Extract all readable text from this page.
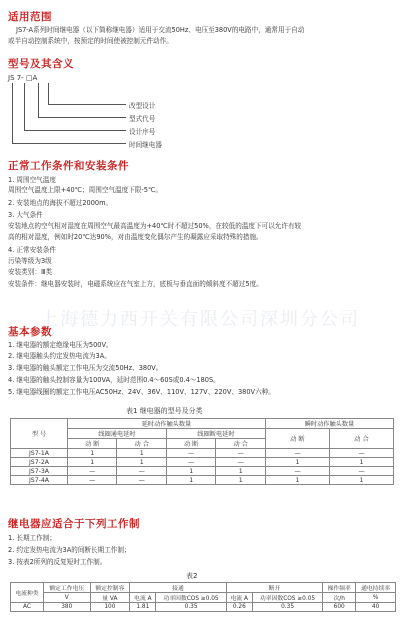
上海德力西开关有限公司深圳分公司
适用范围
JS7-A系列时间继电器（以下简称继电器）适用于交流50Hz、电压至380V的电路中，通常用于自动
或半自动控制系统中，按预定的时间使被控制元件动作。
型号及其含义
JS 7- □A
改型设计
型式代号
设计序号
时间继电器
正常工作条件和安装条件
1. 周围空气温度
周围空气温度上限+40℃；周围空气温度下限-5℃。
2. 安装地点的海拔不超过2000m。
3. 大气条件
安装地点的空气相对湿度在周围空气最高温度为+40℃时不超过50%，在较低的温度下可以允许有较
高的相对湿度，例如时20℃达90%，对由温度变化偶尔产生的凝露应采取特殊的措施。
4. 正常安装条件
污染等级为3级
安装类别：Ⅲ类
安装条件：继电器安装时，电磁系统应在气室上方，底板与垂直面的倾斜度不超过5度。
基本参数
1. 继电器的额定绝缘电压为500V。
2. 继电器触头约定发热电流为3A。
3. 继电器的触头额定工作电压为交流50Hz、380V。
4. 继电器的触头控制容量为100VA，延时范围0.4～60S或0.4～180S。
5. 继电器线圈的额定工作电压AC50Hz、24V、36V、110V、127V、220V、380V六种。
表1 继电器的型号及分类
型 号	延时动作触头数量				瞬时动作触头数量	
	线圈通电延时		线圈断电延时		动 断	动 合
	动 断	动 合	动 断	动 合		
JS7-1A	1	1	—	—	—	—
JS7-2A	1	1	—	—	1	1
JS7-3A	—	—	1	1	—	—
JS7-4A	—	—	1	1	1	1
继电器应适合于下列工作制
1. 长期工作制；
2. 约定发热电流为3A的间断长期工作制；
3. 按表2所列的反复短时工作制。
表2
电流种类	额定工作电压	额定控制容	接通		断开		操作频率	通电持续率
	V	量 VA	电流 A	功率因数COS ≥0.05	电流 A	功率因数COS ≥0.05	次/h	%
AC	380	100	1.81	0.35	0.26	0.35	600	40
